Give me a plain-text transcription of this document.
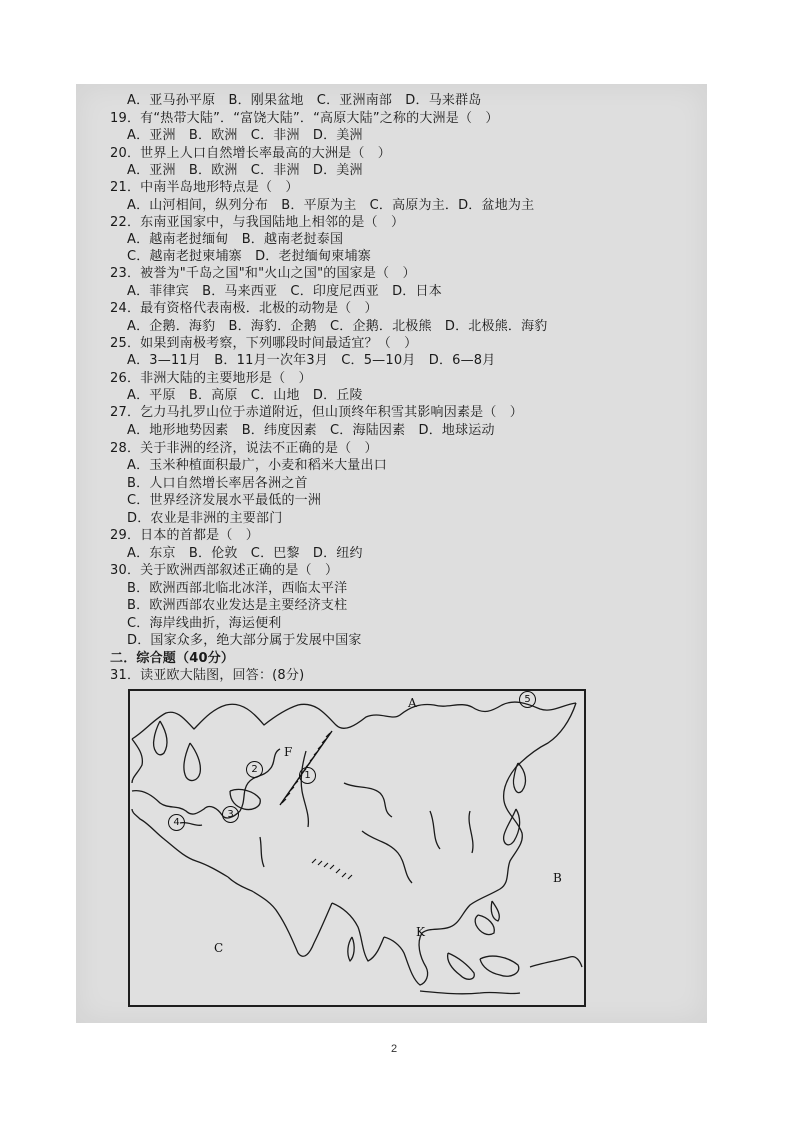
A．亚马孙平原　B．刚果盆地　C．亚洲南部　D．马来群岛
19．有“热带大陆”．“富饶大陆”．“高原大陆”之称的大洲是（　）
A．亚洲　B．欧洲　C．非洲　D．美洲
20．世界上人口自然增长率最高的大洲是（　）
A．亚洲　B．欧洲　C．非洲　D．美洲
21．中南半岛地形特点是（　）
A．山河相间，纵列分布　B．平原为主　C．高原为主．D．盆地为主
22．东南亚国家中，与我国陆地上相邻的是（　）
A．越南老挝缅甸　B．越南老挝泰国
C．越南老挝柬埔寨　D．老挝缅甸柬埔寨
23．被誉为"千岛之国"和"火山之国"的国家是（　）
A．菲律宾　B．马来西亚　C．印度尼西亚　D．日本
24．最有资格代表南极．北极的动物是（　）
A．企鹅．海豹　B．海豹．企鹅　C．企鹅．北极熊　D．北极熊．海豹
25．如果到南极考察，下列哪段时间最适宜？（　）
A．3—11月　B．11月一次年3月　C．5—10月　D．6—8月
26．非洲大陆的主要地形是（　）
A．平原　B．高原　C．山地　D．丘陵
27．乞力马扎罗山位于赤道附近，但山顶终年积雪其影响因素是（　）
A．地形地势因素　B．纬度因素　C．海陆因素　D．地球运动
28．关于非洲的经济，说法不正确的是（　）
A．玉米种植面积最广，小麦和稻米大量出口
B．人口自然增长率居各洲之首
C．世界经济发展水平最低的一洲
D．农业是非洲的主要部门
29．日本的首都是（　）
A．东京　B．伦敦　C．巴黎　D．纽约
30．关于欧洲西部叙述正确的是（　）
B．欧洲西部北临北冰洋，西临太平洋
B．欧洲西部农业发达是主要经济支柱
C．海岸线曲折，海运便利
D．国家众多，绝大部分属于发展中国家
二．综合题（40分）
31．读亚欧大陆图，回答：(8分)
A
B
C
F
K
1
2
3
4
5
2
